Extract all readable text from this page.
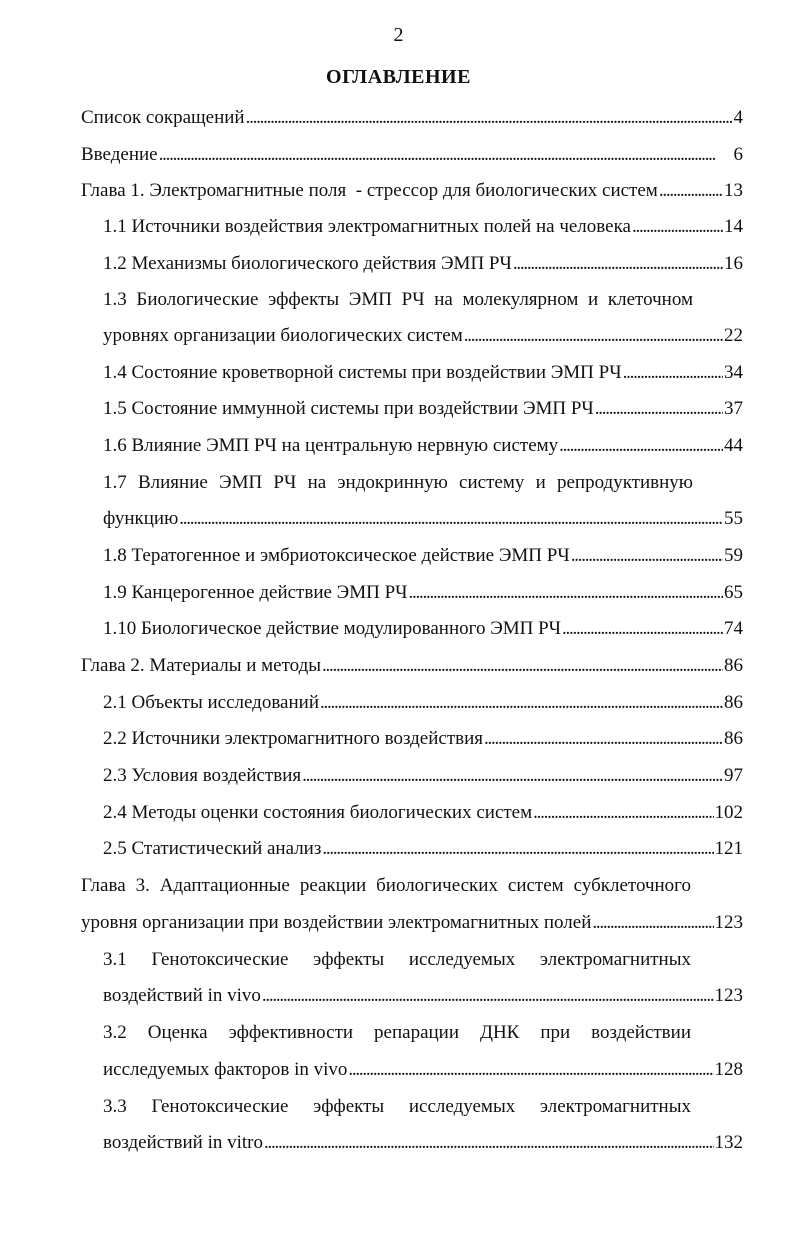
2
ОГЛАВЛЕНИЕ
Список сокращений . . .	4
Введение . . .	6
Глава 1. Электромагнитные поля  - стрессор для биологических систем . . .	13
1.1 Источники воздействия электромагнитных полей на человека . . .	14
1.2 Механизмы биологического действия ЭМП РЧ . . .	16
1.3 Биологические эффекты ЭМП РЧ на молекулярном и клеточном
уровнях организации биологических систем . . .	22
1.4 Состояние кроветворной системы при воздействии ЭМП РЧ . . .	34
1.5 Состояние иммунной системы при воздействии ЭМП РЧ . . .	37
1.6 Влияние ЭМП РЧ на центральную нервную систему . . .	44
1.7 Влияние ЭМП РЧ на эндокринную систему и репродуктивную
функцию . . .	55
1.8 Тератогенное и эмбриотоксическое действие ЭМП РЧ . . .	59
1.9 Канцерогенное действие ЭМП РЧ . . .	65
1.10 Биологическое действие модулированного ЭМП РЧ . . .	74
Глава 2. Материалы и методы . . .	86
2.1 Объекты исследований . . .	86
2.2 Источники электромагнитного воздействия . . .	86
2.3 Условия воздействия . . .	97
2.4 Методы оценки состояния биологических систем . . .	102
2.5 Статистический анализ . . .	121
Глава 3. Адаптационные реакции биологических систем субклеточного
уровня организации при воздействии электромагнитных полей . . .	123
3.1 Генотоксические эффекты исследуемых электромагнитных
воздействий in vivo . . .	123
3.2 Оценка эффективности репарации ДНК при воздействии
исследуемых факторов in vivo . . .	128
3.3 Генотоксические эффекты исследуемых электромагнитных
воздействий in vitro . . .	132
